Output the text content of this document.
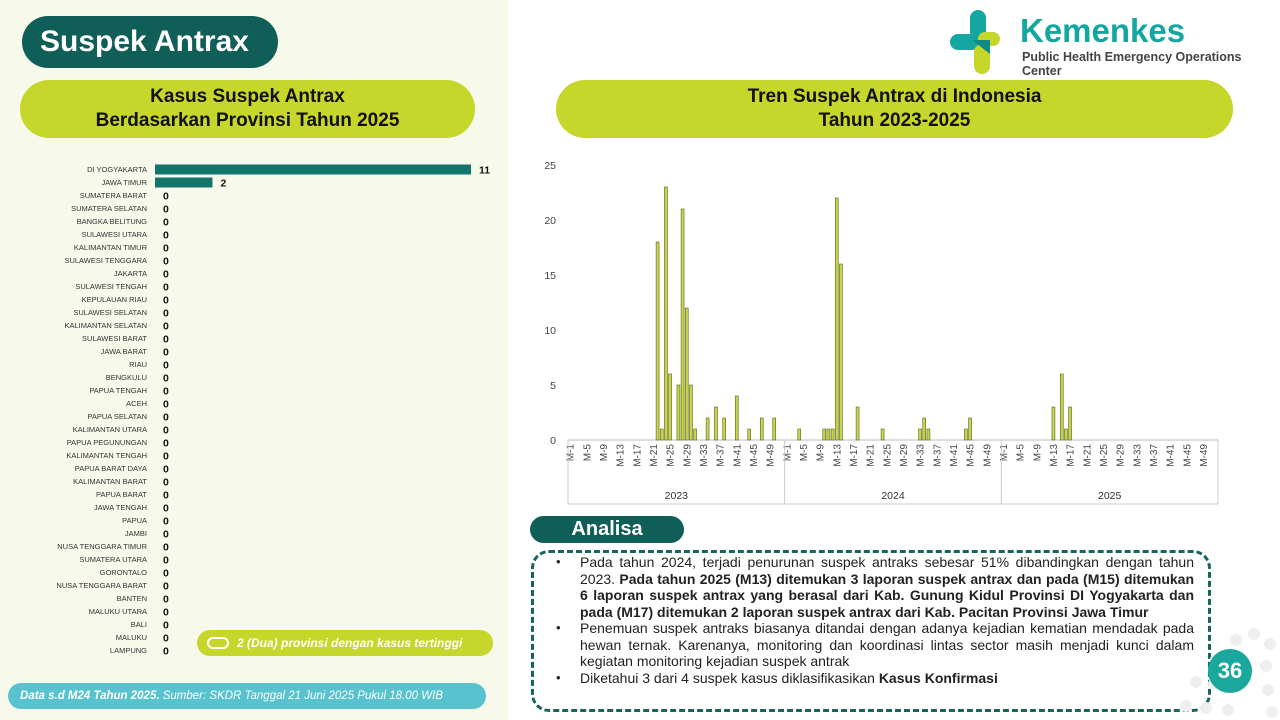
Suspek Antrax
Kasus Suspek Antrax
Berdasarkan Provinsi Tahun 2025
Tren Suspek Antrax di Indonesia
Tahun 2023-2025
Kemenkes
Public Health Emergency Operations Center
DI YOGYAKARTA	11
JAWA TIMUR	2
SUMATERA BARAT 0
SUMATERA SELATAN 0
BANGKA BELITUNG 0
SULAWESI UTARA 0
KALIMANTAN TIMUR 0
SULAWESI TENGGARA 0
JAKARTA 0
SULAWESI TENGAH 0
KEPULAUAN RIAU 0
SULAWESI SELATAN 0
KALIMANTAN SELATAN 0
SULAWESI BARAT 0
JAWA BARAT 0
RIAU 0
BENGKULU 0
PAPUA TENGAH 0
ACEH 0
PAPUA SELATAN 0
KALIMANTAN UTARA 0
PAPUA PEGUNUNGAN 0
KALIMANTAN TENGAH 0
PAPUA BARAT DAYA 0
KALIMANTAN BARAT 0
PAPUA BARAT 0
JAWA TENGAH 0
PAPUA 0
JAMBI 0
NUSA TENGGARA TIMUR 0
SUMATERA UTARA 0
GORONTALO 0
NUSA TENGGARA BARAT 0
BANTEN 0
MALUKU UTARA 0
BALI 0
MALUKU 0
LAMPUNG 0
2 (Dua) provinsi dengan kasus tertinggi
Data s.d M24 Tahun 2025. Sumber: SKDR Tanggal 21 Juni 2025 Pukul 18.00 WIB
0
5
10
15
20
25
M-1 M-5 M-9 M-13 M-17 M-21 M-25 M-29 M-33 M-37 M-41 M-45 M-49
2023
M-1 M-5 M-9 M-13 M-17 M-21 M-25 M-29 M-33 M-37 M-41 M-45 M-49
2024
M-1 M-5 M-9 M-13 M-17 M-21 M-25 M-29 M-33 M-37 M-41 M-45 M-49
2025
Analisa
• Pada tahun 2024, terjadi penurunan suspek antraks sebesar 51% dibandingkan dengan tahun 2023. Pada tahun 2025 (M13) ditemukan 3 laporan suspek antrax dan pada (M15) ditemukan 6 laporan suspek antrax yang berasal dari Kab. Gunung Kidul Provinsi DI Yogyakarta dan pada (M17) ditemukan 2 laporan suspek antrax dari Kab. Pacitan Provinsi Jawa Timur
• Penemuan suspek antraks biasanya ditandai dengan adanya kejadian kematian mendadak pada hewan ternak. Karenanya, monitoring dan koordinasi lintas sector masih menjadi kunci dalam kegiatan monitoring kejadian suspek antrak
• Diketahui 3 dari 4 suspek kasus diklasifikasikan Kasus Konfirmasi	36
